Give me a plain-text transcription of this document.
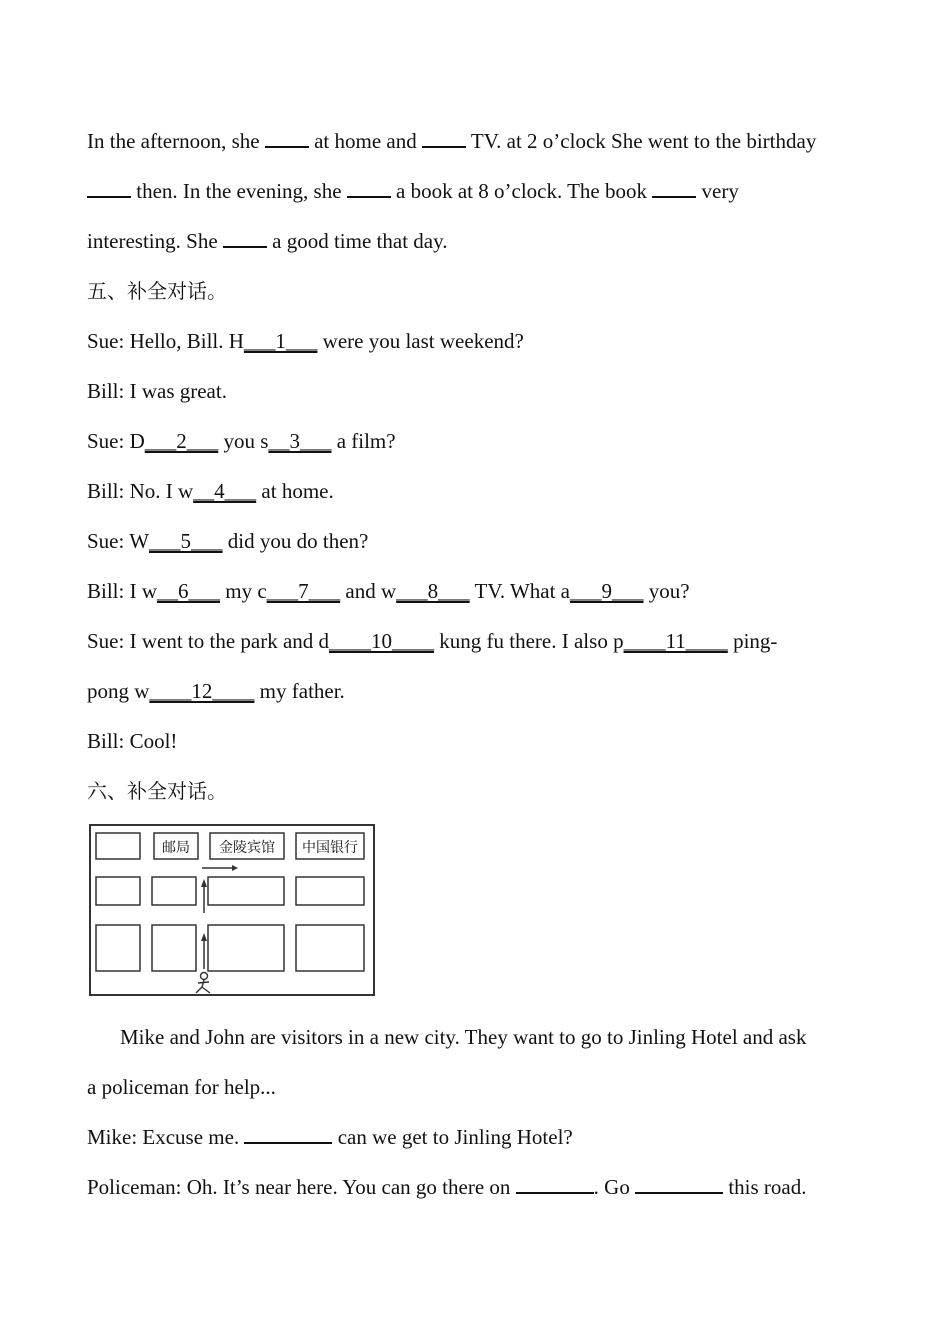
In the afternoon, she  at home and  TV. at 2 o’clock She went to the birthday
then. In the evening, she  a book at 8 o’clock. The book  very
interesting. She  a good time that day.
五、补全对话。
Sue: Hello, Bill. H___1___ were you last weekend?
Bill: I was great.
Sue: D___2___ you s__3___ a film?
Bill: No. I w__4___ at home.
Sue: W___5___ did you do then?
Bill: I w__6___ my c___7___ and w___8___ TV. What a___9___ you?
Sue: I went to the park and d____10____ kung fu there. I also p____11____ ping-
pong w____12____ my father.
Bill: Cool!
六、补全对话。
邮局 金陵宾馆 中国银行
Mike and John are visitors in a new city. They want to go to Jinling Hotel and ask
a policeman for help...
Mike: Excuse me.	can we get to Jinling Hotel?
Policeman: Oh. It’s near here. You can go there on	. Go	this road.
